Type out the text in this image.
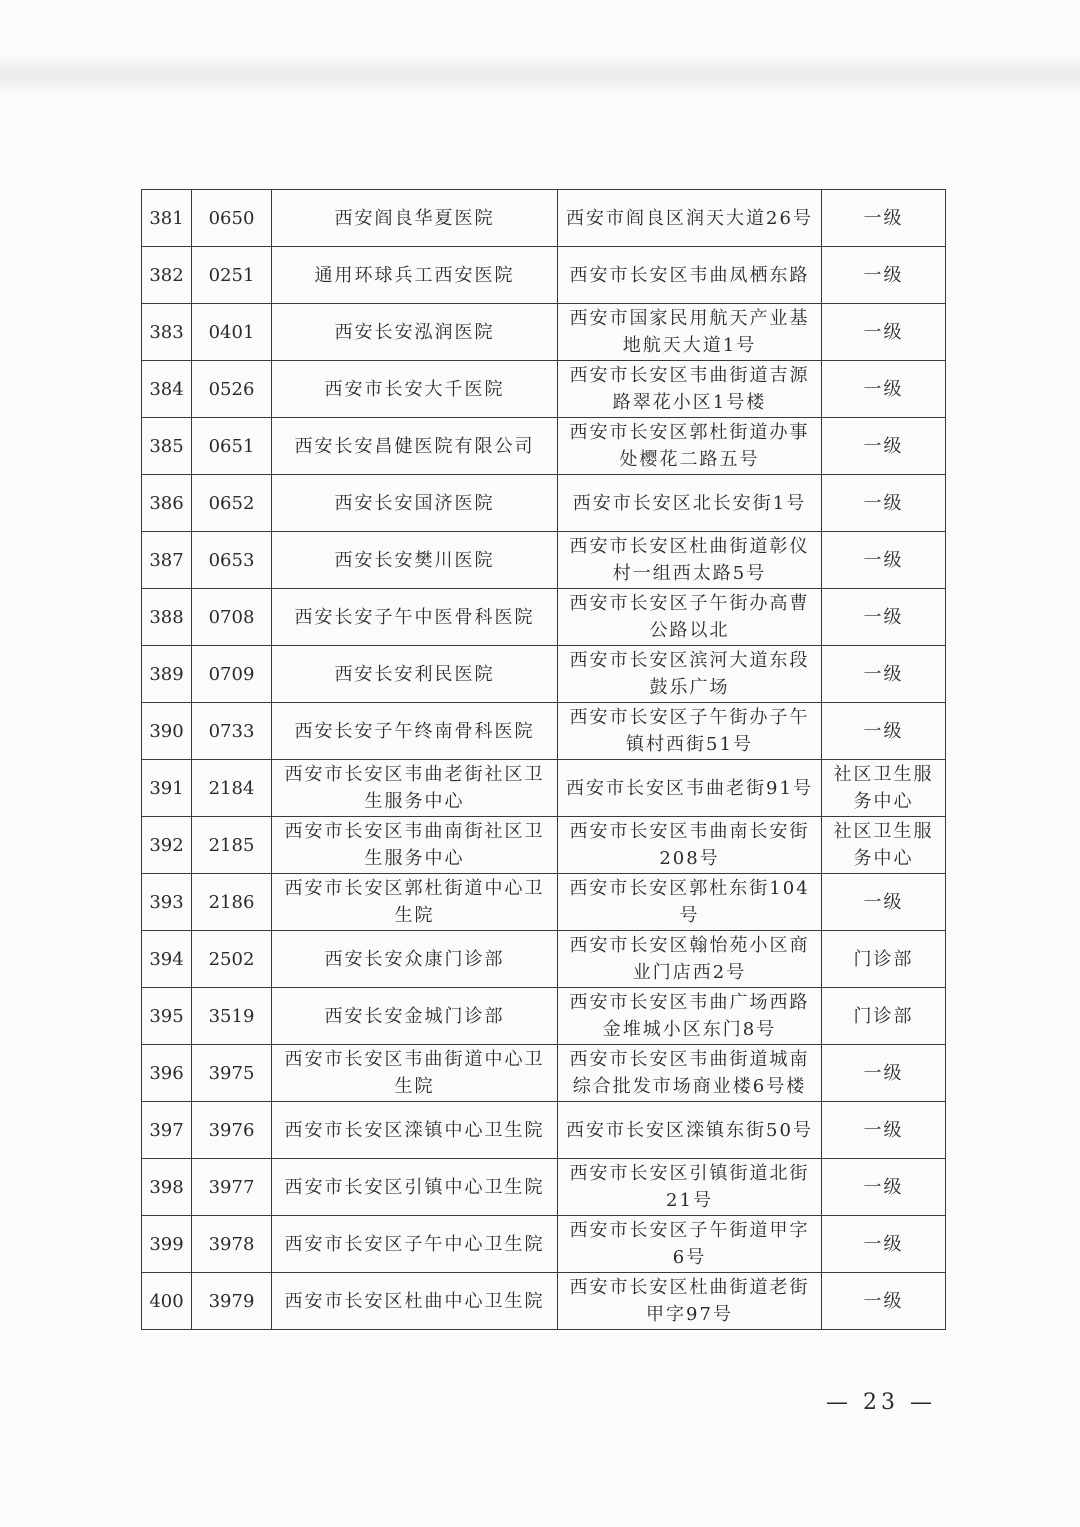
381	0650	西安阎良华夏医院	西安市阎良区润天大道26号	一级
382	0251	通用环球兵工西安医院	西安市长安区韦曲凤栖东路	一级
383	0401	西安长安泓润医院	西安市国家民用航天产业基地航天大道1号	一级
384	0526	西安市长安大千医院	西安市长安区韦曲街道吉源路翠花小区1号楼	一级
385	0651	西安长安昌健医院有限公司	西安市长安区郭杜街道办事处樱花二路五号	一级
386	0652	西安长安国济医院	西安市长安区北长安街1号	一级
387	0653	西安长安樊川医院	西安市长安区杜曲街道彰仪村一组西太路5号	一级
388	0708	西安长安子午中医骨科医院	西安市长安区子午街办高曹公路以北	一级
389	0709	西安长安利民医院	西安市长安区滨河大道东段鼓乐广场	一级
390	0733	西安长安子午终南骨科医院	西安市长安区子午街办子午镇村西街51号	一级
391	2184	西安市长安区韦曲老街社区卫生服务中心	西安市长安区韦曲老街91号	社区卫生服务中心
392	2185	西安市长安区韦曲南街社区卫生服务中心	西安市长安区韦曲南长安街208号	社区卫生服务中心
393	2186	西安市长安区郭杜街道中心卫生院	西安市长安区郭杜东街104号	一级
394	2502	西安长安众康门诊部	西安市长安区翰怡苑小区商业门店西2号	门诊部
395	3519	西安长安金城门诊部	西安市长安区韦曲广场西路金堆城小区东门8号	门诊部
396	3975	西安市长安区韦曲街道中心卫生院	西安市长安区韦曲街道城南综合批发市场商业楼6号楼	一级
397	3976	西安市长安区滦镇中心卫生院	西安市长安区滦镇东街50号	一级
398	3977	西安市长安区引镇中心卫生院	西安市长安区引镇街道北街21号	一级
399	3978	西安市长安区子午中心卫生院	西安市长安区子午街道甲字6号	一级
400	3979	西安市长安区杜曲中心卫生院	西安市长安区杜曲街道老街甲字97号	一级
— 23 —
